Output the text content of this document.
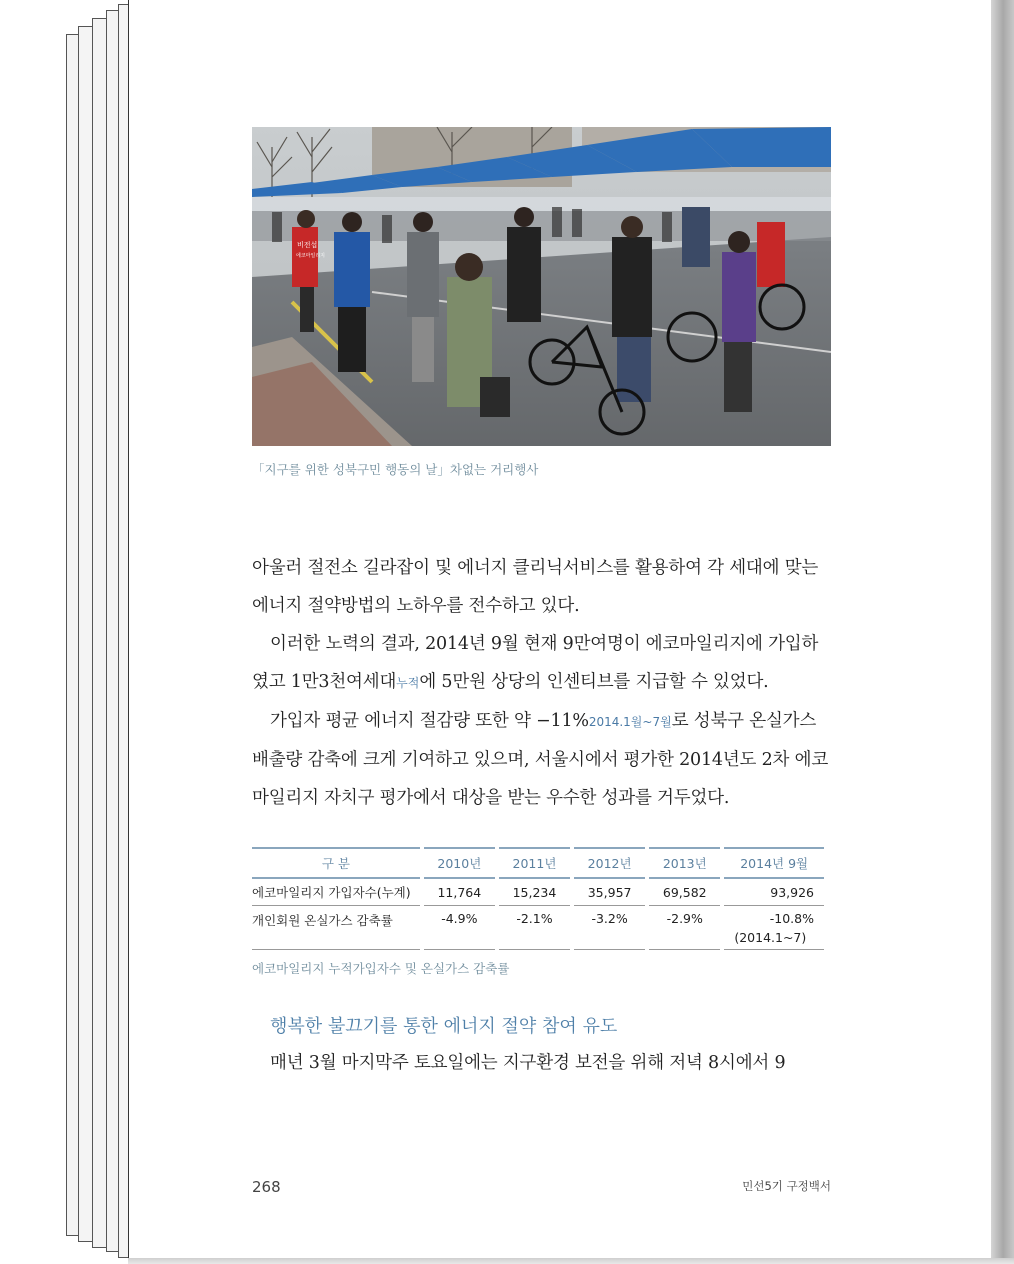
비전섭
에코마일리지
「지구를 위한 성북구민 행동의 날」차없는 거리행사

아울러 절전소 길라잡이 및 에너지 클리닉서비스를 활용하여 각 세대에 맞는 에너지 절약방법의 노하우를 전수하고 있다.

이러한 노력의 결과, 2014년 9월 현재 9만여명이 에코마일리지에 가입하였고 1만3천여세대누적에 5만원 상당의 인센티브를 지급할 수 있었다.

가입자 평균 에너지 절감량 또한 약 −11%2014.1월~7월로 성북구 온실가스 배출량 감축에 크게 기여하고 있으며, 서울시에서 평가한 2014년도 2차 에코마일리지 자치구 평가에서 대상을 받는 우수한 성과를 거두었다.

구 분	2010년	2011년	2012년	2013년	2014년 9월
에코마일리지 가입자수(누계)	11,764	15,234	35,957	69,582	93,926
개인회원 온실가스 감축률	-4.9%	-2.1%	-3.2%	-2.9%	-10.8%
(2014.1~7)
에코마일리지 누적가입자수 및 온실가스 감축률
행복한 불끄기를 통한 에너지 절약 참여 유도

매년 3월 마지막주 토요일에는 지구환경 보전을 위해 저녁 8시에서 9

268	민선5기 구정백서
